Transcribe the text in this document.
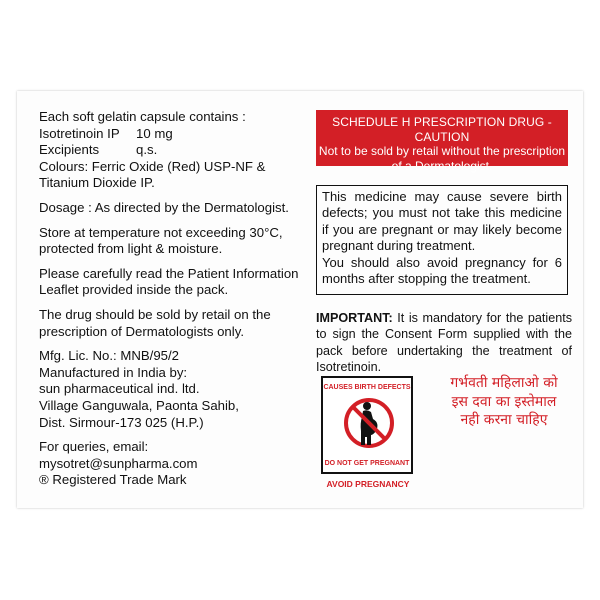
Each soft gelatin capsule contains :

Isotretinoin IP	10 mg
Excipients	q.s.

Colours: Ferric Oxide (Red) USP-NF &

Titanium Dioxide IP.

Dosage : As directed by the Dermatologist.

Store at temperature not exceeding 30°C,

protected from light & moisture.

Please carefully read the Patient Information

Leaflet provided inside the pack.

The drug should be sold by retail on the

prescription of Dermatologists only.

Mfg. Lic. No.: MNB/95/2

Manufactured in India by:

sun pharmaceutical ind. ltd.

Village Ganguwala, Paonta Sahib,

Dist. Sirmour-173 025 (H.P.)

For queries, email:

mysotret@sunpharma.com

® Registered Trade Mark

SCHEDULE H PRESCRIPTION DRUG - CAUTION
Not to be sold by retail without the prescription
of a Dermatologist.
This medicine may cause severe birth defects; you must not take this medicine if you are pregnant or may likely become pregnant during treatment.
You should also avoid pregnancy for 6 months after stopping the treatment.
IMPORTANT: It is mandatory for the patients to sign the Consent Form supplied with the pack before undertaking the treatment of Isotretinoin.
CAUSES BIRTH DEFECTS
DO NOT GET PREGNANT
AVOID PREGNANCY

गर्भवती महिलाओ को

इस दवा का इस्तेमाल

नही करना चाहिए
